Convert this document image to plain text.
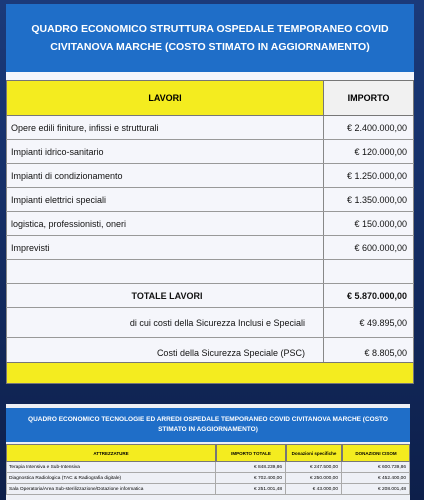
QUADRO ECONOMICO STRUTTURA OSPEDALE TEMPORANEO COVID
CIVITANOVA MARCHE (COSTO STIMATO IN AGGIORNAMENTO)
LAVORI	IMPORTO
Opere edili finiture, infissi e strutturali	€ 2.400.000,00
Impianti idrico-sanitario	€ 120.000,00
Impianti di condizionamento	€ 1.250.000,00
Impianti elettrici speciali	€ 1.350.000,00
logistica, professionisti, oneri	€ 150.000,00
Imprevisti	€ 600.000,00
TOTALE LAVORI	€ 5.870.000,00
di cui costi della Sicurezza Inclusi e Speciali	€ 49.895,00
Costi della Sicurezza Speciale (PSC)	€ 8.805,00
QUADRO ECONOMICO TECNOLOGIE ED ARREDI OSPEDALE TEMPORANEO COVID CIVITANOVA MARCHE (COSTO
STIMATO IN AGGIORNAMENTO)
ATTREZZATURE	IMPORTO TOTALE	Donazioni specifiche	DONAZIONI CISOM
Terapia Intensiva e Sub-Intensiva	€ 848.239,86	€ 247.500,00	€ 600.739,86
Diagnostica Radiologica (TAC & Radiografia digitale)	€ 702.400,00	€ 250.000,00	€ 452.400,00
Sala Operatoria/Area Sub-sterilizzazione/Dotazione informatica	€ 251.001,48	€ 43.000,00	€ 208.001,48
